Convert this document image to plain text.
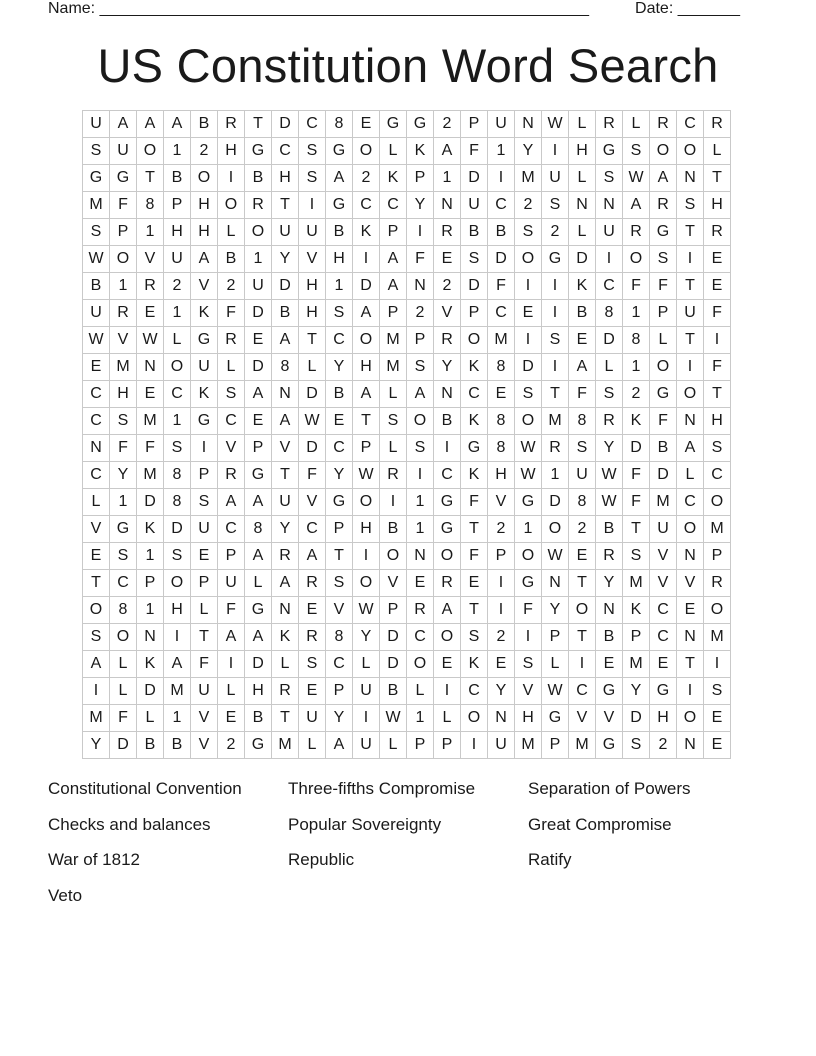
Name: _______________________________________________________	Date: _______
US Constitution Word Search
U	A	A	A	B	R	T	D	C	8	E	G	G	2	P	U	N	W	L	R	L	R	C	R
S	U	O	1	2	H	G	C	S	G	O	L	K	A	F	1	Y	I	H	G	S	O	O	L
G	G	T	B	O	I	B	H	S	A	2	K	P	1	D	I	M	U	L	S	W	A	N	T
M	F	8	P	H	O	R	T	I	G	C	C	Y	N	U	C	2	S	N	N	A	R	S	H
S	P	1	H	H	L	O	U	U	B	K	P	I	R	B	B	S	2	L	U	R	G	T	R
W	O	V	U	A	B	1	Y	V	H	I	A	F	E	S	D	O	G	D	I	O	S	I	E
B	1	R	2	V	2	U	D	H	1	D	A	N	2	D	F	I	I	K	C	F	F	T	E
U	R	E	1	K	F	D	B	H	S	A	P	2	V	P	C	E	I	B	8	1	P	U	F
W	V	W	L	G	R	E	A	T	C	O	M	P	R	O	M	I	S	E	D	8	L	T	I
E	M	N	O	U	L	D	8	L	Y	H	M	S	Y	K	8	D	I	A	L	1	O	I	F
C	H	E	C	K	S	A	N	D	B	A	L	A	N	C	E	S	T	F	S	2	G	O	T
C	S	M	1	G	C	E	A	W	E	T	S	O	B	K	8	O	M	8	R	K	F	N	H
N	F	F	S	I	V	P	V	D	C	P	L	S	I	G	8	W	R	S	Y	D	B	A	S
C	Y	M	8	P	R	G	T	F	Y	W	R	I	C	K	H	W	1	U	W	F	D	L	C
L	1	D	8	S	A	A	U	V	G	O	I	1	G	F	V	G	D	8	W	F	M	C	O
V	G	K	D	U	C	8	Y	C	P	H	B	1	G	T	2	1	O	2	B	T	U	O	M
E	S	1	S	E	P	A	R	A	T	I	O	N	O	F	P	O	W	E	R	S	V	N	P
T	C	P	O	P	U	L	A	R	S	O	V	E	R	E	I	G	N	T	Y	M	V	V	R
O	8	1	H	L	F	G	N	E	V	W	P	R	A	T	I	F	Y	O	N	K	C	E	O
S	O	N	I	T	A	A	K	R	8	Y	D	C	O	S	2	I	P	T	B	P	C	N	M
A	L	K	A	F	I	D	L	S	C	L	D	O	E	K	E	S	L	I	E	M	E	T	I
I	L	D	M	U	L	H	R	E	P	U	B	L	I	C	Y	V	W	C	G	Y	G	I	S
M	F	L	1	V	E	B	T	U	Y	I	W	1	L	O	N	H	G	V	V	D	H	O	E
Y	D	B	B	V	2	G	M	L	A	U	L	P	P	I	U	M	P	M	G	S	2	N	E
Constitutional Convention	Three-fifths Compromise	Separation of Powers
Checks and balances	Popular Sovereignty	Great Compromise
War of 1812	Republic	Ratify
Veto
